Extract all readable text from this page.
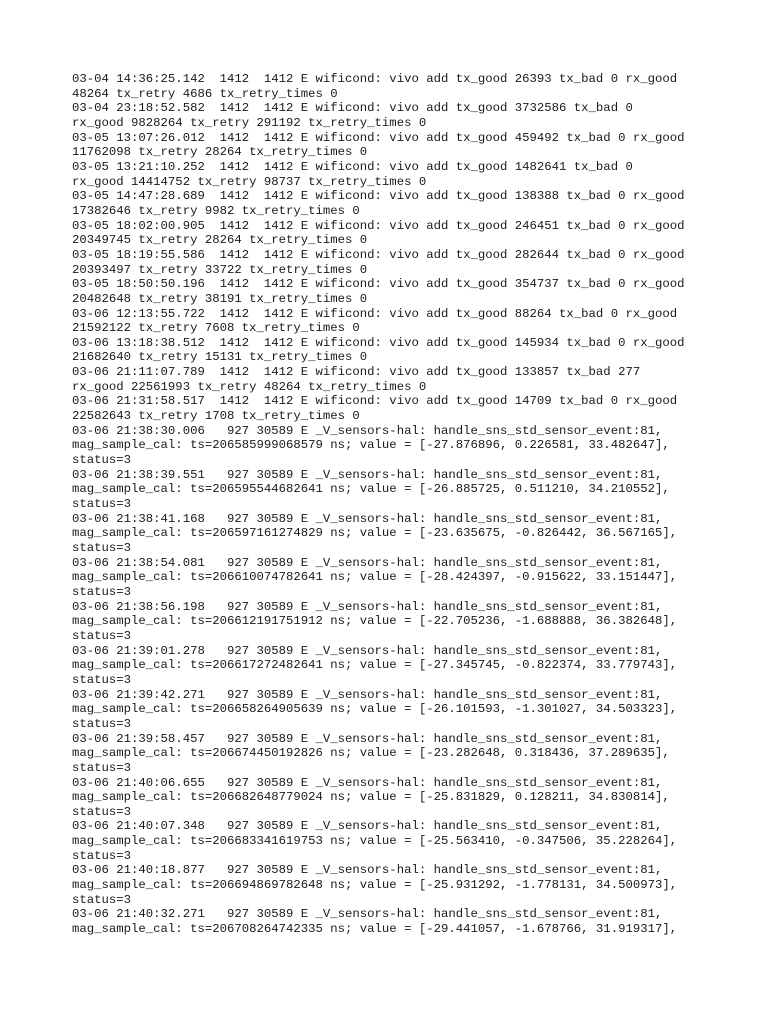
03-04 14:36:25.142  1412  1412 E wificond: vivo add tx_good 26393 tx_bad 0 rx_good
48264 tx_retry 4686 tx_retry_times 0
03-04 23:18:52.582  1412  1412 E wificond: vivo add tx_good 3732586 tx_bad 0
rx_good 9828264 tx_retry 291192 tx_retry_times 0
03-05 13:07:26.012  1412  1412 E wificond: vivo add tx_good 459492 tx_bad 0 rx_good
11762098 tx_retry 28264 tx_retry_times 0
03-05 13:21:10.252  1412  1412 E wificond: vivo add tx_good 1482641 tx_bad 0
rx_good 14414752 tx_retry 98737 tx_retry_times 0
03-05 14:47:28.689  1412  1412 E wificond: vivo add tx_good 138388 tx_bad 0 rx_good
17382646 tx_retry 9982 tx_retry_times 0
03-05 18:02:00.905  1412  1412 E wificond: vivo add tx_good 246451 tx_bad 0 rx_good
20349745 tx_retry 28264 tx_retry_times 0
03-05 18:19:55.586  1412  1412 E wificond: vivo add tx_good 282644 tx_bad 0 rx_good
20393497 tx_retry 33722 tx_retry_times 0
03-05 18:50:50.196  1412  1412 E wificond: vivo add tx_good 354737 tx_bad 0 rx_good
20482648 tx_retry 38191 tx_retry_times 0
03-06 12:13:55.722  1412  1412 E wificond: vivo add tx_good 88264 tx_bad 0 rx_good
21592122 tx_retry 7608 tx_retry_times 0
03-06 13:18:38.512  1412  1412 E wificond: vivo add tx_good 145934 tx_bad 0 rx_good
21682640 tx_retry 15131 tx_retry_times 0
03-06 21:11:07.789  1412  1412 E wificond: vivo add tx_good 133857 tx_bad 277
rx_good 22561993 tx_retry 48264 tx_retry_times 0
03-06 21:31:58.517  1412  1412 E wificond: vivo add tx_good 14709 tx_bad 0 rx_good
22582643 tx_retry 1708 tx_retry_times 0
03-06 21:38:30.006   927 30589 E _V_sensors-hal: handle_sns_std_sensor_event:81,
mag_sample_cal: ts=206585999068579 ns; value = [-27.876896, 0.226581, 33.482647],
status=3
03-06 21:38:39.551   927 30589 E _V_sensors-hal: handle_sns_std_sensor_event:81,
mag_sample_cal: ts=206595544682641 ns; value = [-26.885725, 0.511210, 34.210552],
status=3
03-06 21:38:41.168   927 30589 E _V_sensors-hal: handle_sns_std_sensor_event:81,
mag_sample_cal: ts=206597161274829 ns; value = [-23.635675, -0.826442, 36.567165],
status=3
03-06 21:38:54.081   927 30589 E _V_sensors-hal: handle_sns_std_sensor_event:81,
mag_sample_cal: ts=206610074782641 ns; value = [-28.424397, -0.915622, 33.151447],
status=3
03-06 21:38:56.198   927 30589 E _V_sensors-hal: handle_sns_std_sensor_event:81,
mag_sample_cal: ts=206612191751912 ns; value = [-22.705236, -1.688888, 36.382648],
status=3
03-06 21:39:01.278   927 30589 E _V_sensors-hal: handle_sns_std_sensor_event:81,
mag_sample_cal: ts=206617272482641 ns; value = [-27.345745, -0.822374, 33.779743],
status=3
03-06 21:39:42.271   927 30589 E _V_sensors-hal: handle_sns_std_sensor_event:81,
mag_sample_cal: ts=206658264905639 ns; value = [-26.101593, -1.301027, 34.503323],
status=3
03-06 21:39:58.457   927 30589 E _V_sensors-hal: handle_sns_std_sensor_event:81,
mag_sample_cal: ts=206674450192826 ns; value = [-23.282648, 0.318436, 37.289635],
status=3
03-06 21:40:06.655   927 30589 E _V_sensors-hal: handle_sns_std_sensor_event:81,
mag_sample_cal: ts=206682648779024 ns; value = [-25.831829, 0.128211, 34.830814],
status=3
03-06 21:40:07.348   927 30589 E _V_sensors-hal: handle_sns_std_sensor_event:81,
mag_sample_cal: ts=206683341619753 ns; value = [-25.563410, -0.347506, 35.228264],
status=3
03-06 21:40:18.877   927 30589 E _V_sensors-hal: handle_sns_std_sensor_event:81,
mag_sample_cal: ts=206694869782648 ns; value = [-25.931292, -1.778131, 34.500973],
status=3
03-06 21:40:32.271   927 30589 E _V_sensors-hal: handle_sns_std_sensor_event:81,
mag_sample_cal: ts=206708264742335 ns; value = [-29.441057, -1.678766, 31.919317],
